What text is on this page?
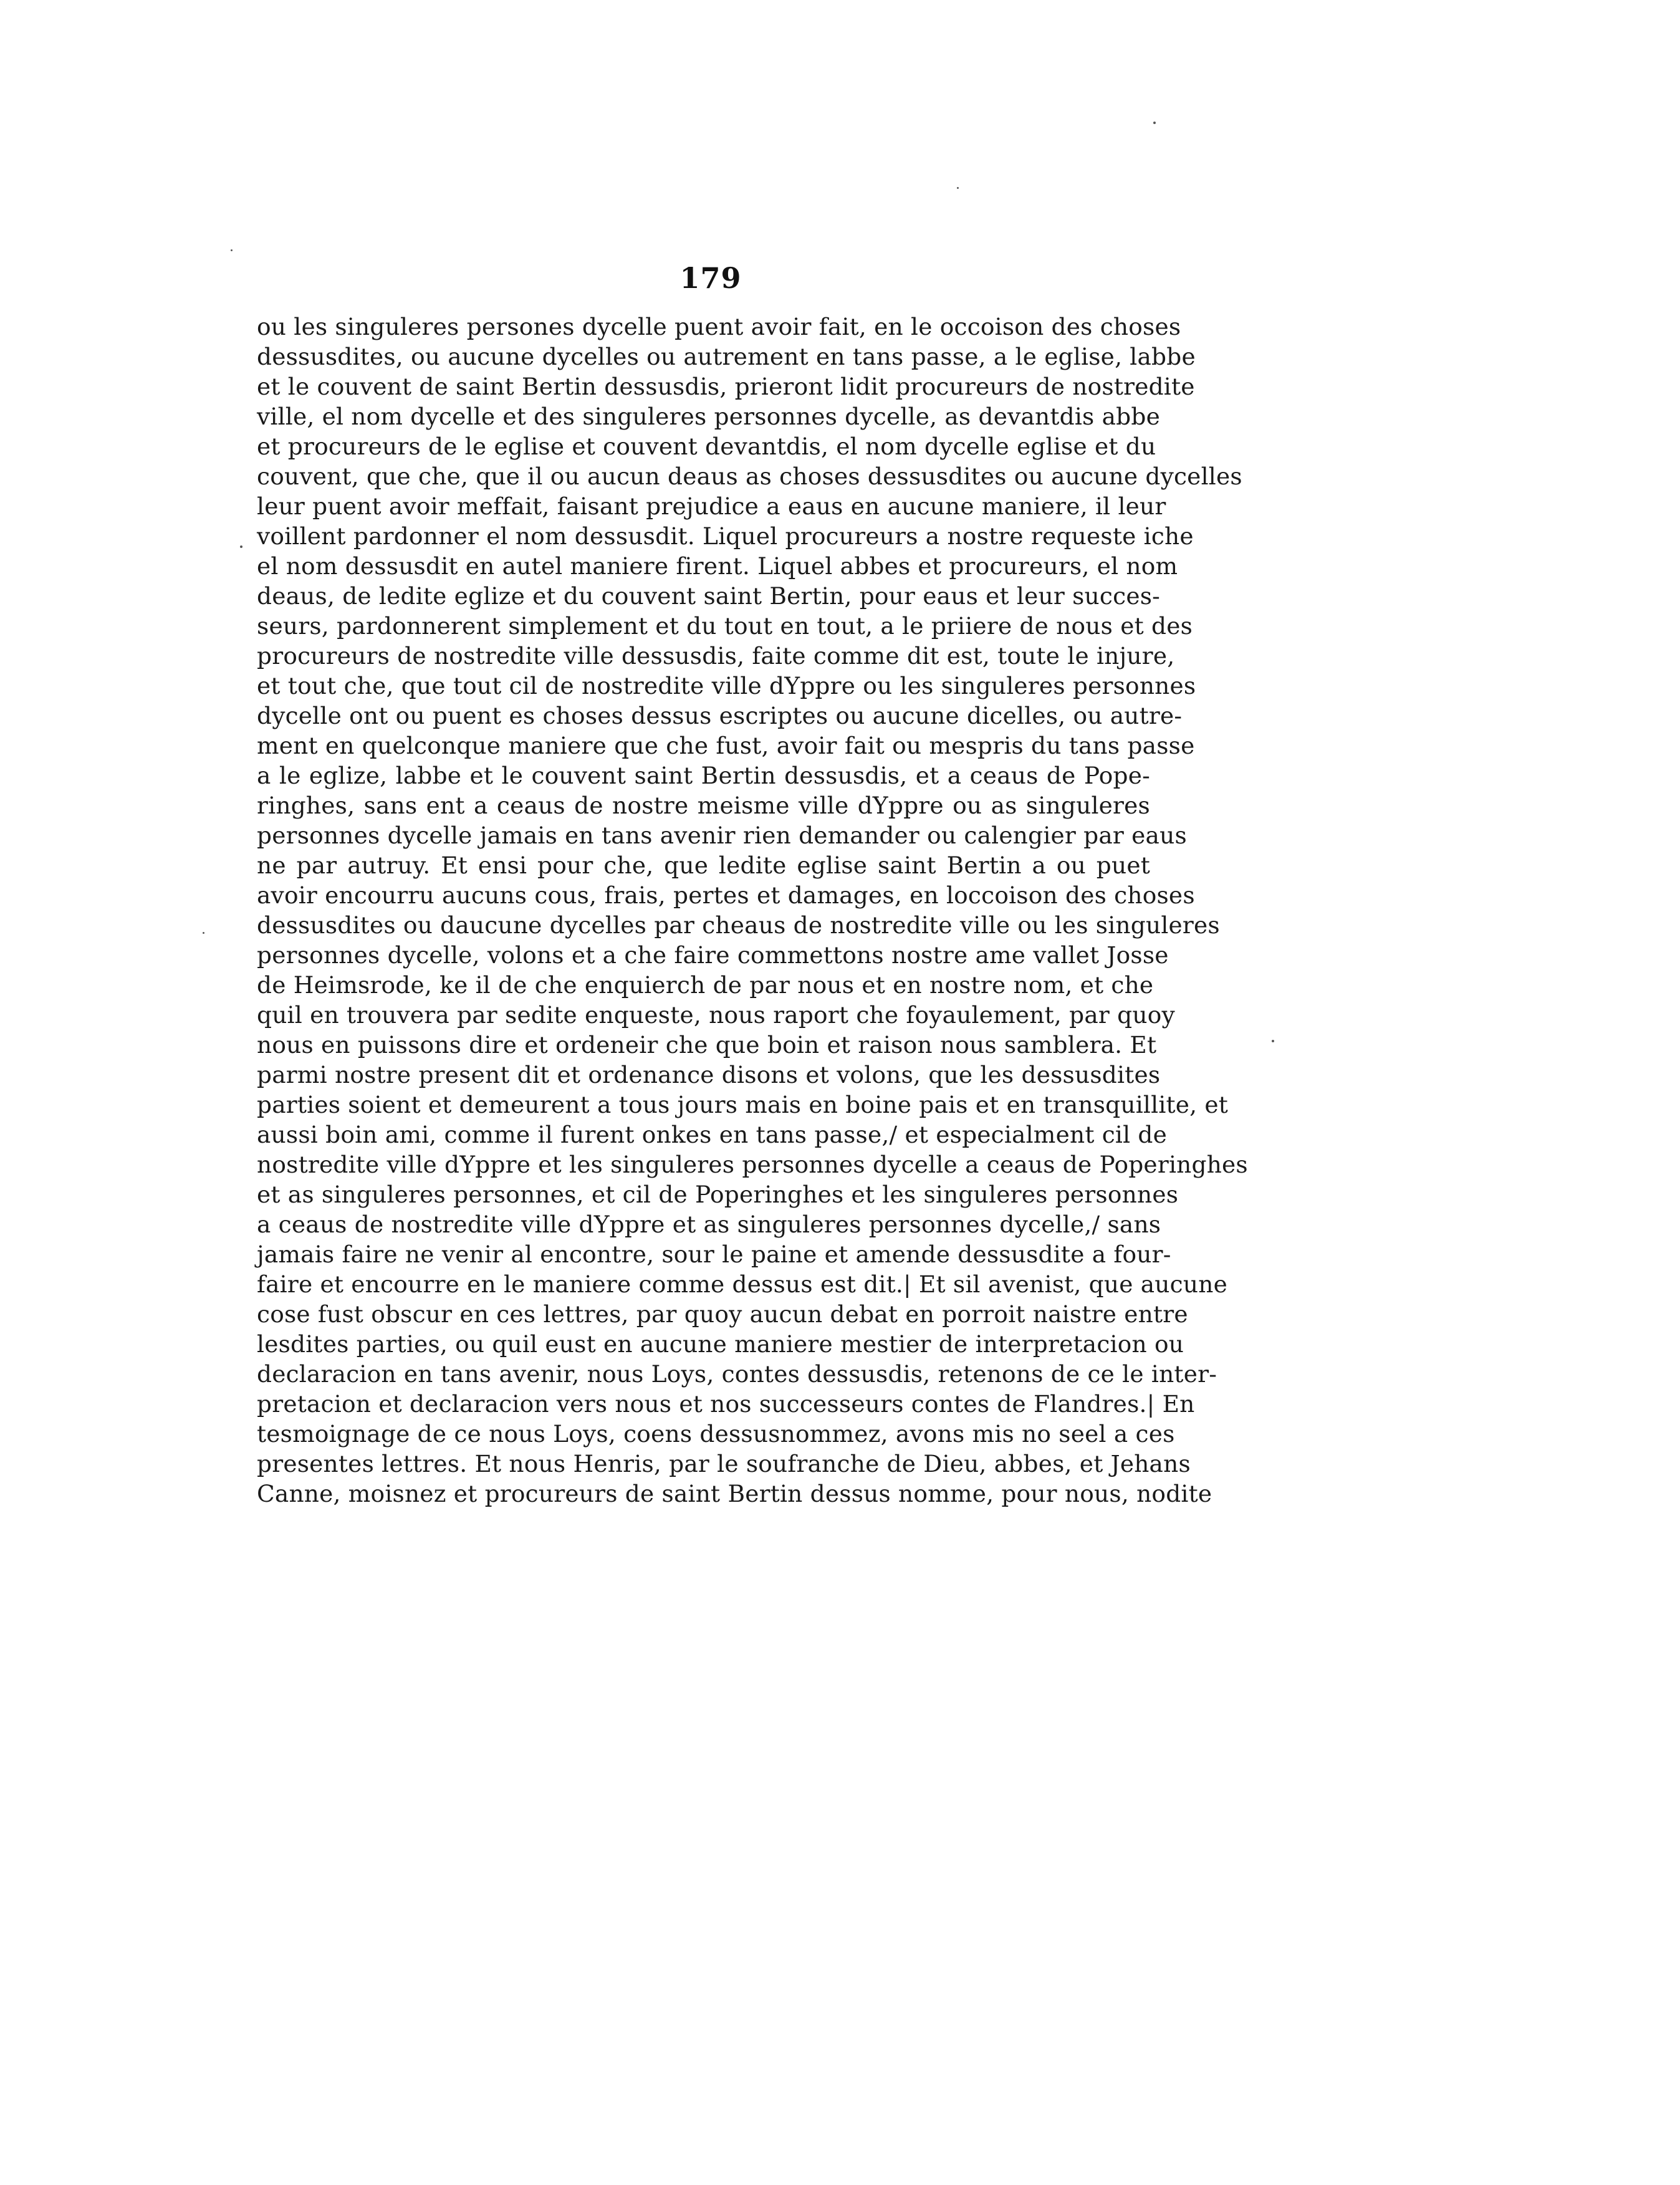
179
ou les singuleres persones dycelle puent avoir fait, en le occoison des choses
dessusdites, ou aucune dycelles ou autrement en tans passe, a le eglise, labbe
et le couvent de saint Bertin dessusdis, prieront lidit procureurs de nostredite
ville, el nom dycelle et des singuleres personnes dycelle, as devantdis abbe
et procureurs de le eglise et couvent devantdis, el nom dycelle eglise et du
couvent, que che, que il ou aucun deaus as choses dessusdites ou aucune dycelles
leur puent avoir meffait, faisant prejudice a eaus en aucune maniere, il leur
voillent pardonner el nom dessusdit. Liquel procureurs a nostre requeste iche
el nom dessusdit en autel maniere firent. Liquel abbes et procureurs, el nom
deaus, de ledite eglize et du couvent saint Bertin, pour eaus et leur succes-
seurs, pardonnerent simplement et du tout en tout, a le priiere de nous et des
procureurs de nostredite ville dessusdis, faite comme dit est, toute le injure,
et tout che, que tout cil de nostredite ville dYppre ou les singuleres personnes
dycelle ont ou puent es choses dessus escriptes ou aucune dicelles, ou autre-
ment en quelconque maniere que che fust, avoir fait ou mespris du tans passe
a le eglize, labbe et le couvent saint Bertin dessusdis, et a ceaus de Pope-
ringhes, sans ent a ceaus de nostre meisme ville dYppre ou as singuleres
personnes dycelle jamais en tans avenir rien demander ou calengier par eaus
ne par autruy. Et ensi pour che, que ledite eglise saint Bertin a ou puet
avoir encourru aucuns cous, frais, pertes et damages, en loccoison des choses
dessusdites ou daucune dycelles par cheaus de nostredite ville ou les singuleres
personnes dycelle, volons et a che faire commettons nostre ame vallet Josse
de Heimsrode, ke il de che enquierch de par nous et en nostre nom, et che
quil en trouvera par sedite enqueste, nous raport che foyaulement, par quoy
nous en puissons dire et ordeneir che que boin et raison nous samblera. Et
parmi nostre present dit et ordenance disons et volons, que les dessusdites
parties soient et demeurent a tous jours mais en boine pais et en transquillite, et
aussi boin ami, comme il furent onkes en tans passe,/ et especialment cil de
nostredite ville dYppre et les singuleres personnes dycelle a ceaus de Poperinghes
et as singuleres personnes, et cil de Poperinghes et les singuleres personnes
a ceaus de nostredite ville dYppre et as singuleres personnes dycelle,/ sans
jamais faire ne venir al encontre, sour le paine et amende dessusdite a four-
faire et encourre en le maniere comme dessus est dit.| Et sil avenist, que aucune
cose fust obscur en ces lettres, par quoy aucun debat en porroit naistre entre
lesdites parties, ou quil eust en aucune maniere mestier de interpretacion ou
declaracion en tans avenir, nous Loys, contes dessusdis, retenons de ce le inter-
pretacion et declaracion vers nous et nos successeurs contes de Flandres.| En
tesmoignage de ce nous Loys, coens dessusnommez, avons mis no seel a ces
presentes lettres. Et nous Henris, par le soufranche de Dieu, abbes, et Jehans
Canne, moisnez et procureurs de saint Bertin dessus nomme, pour nous, nodite
